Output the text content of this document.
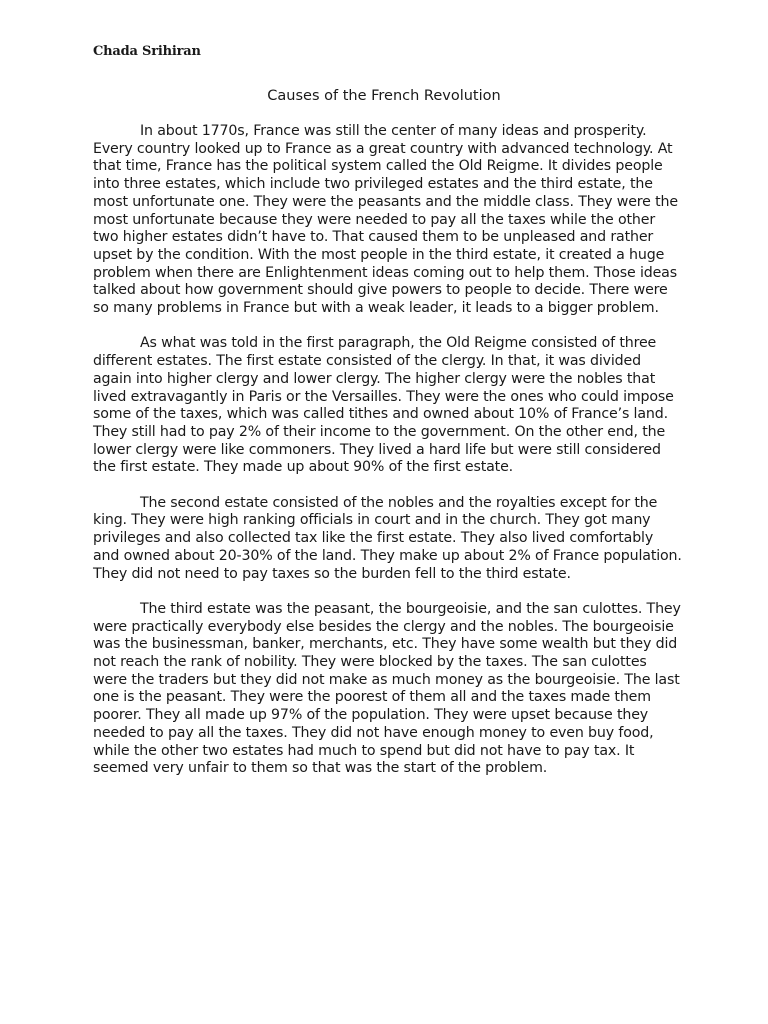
Chada Srihiran
Causes of the French Revolution

In about 1770s, France was still the center of many ideas and prosperity. Every country looked up to France as a great country with advanced technology. At that time, France has the political system called the Old Reigme. It divides people into three estates, which include two privileged estates and the third estate, the most unfortunate one. They were the peasants and the middle class. They were the most unfortunate because they were needed to pay all the taxes while the other two higher estates didn’t have to. That caused them to be unpleased and rather upset by the condition. With the most people in the third estate, it created a huge problem when there are Enlightenment ideas coming out to help them. Those ideas talked about how government should give powers to people to decide. There were so many problems in France but with a weak leader, it leads to a bigger problem.

As what was told in the first paragraph, the Old Reigme consisted of three different estates. The first estate consisted of the clergy. In that, it was divided again into higher clergy and lower clergy. The higher clergy were the nobles that lived extravagantly in Paris or the Versailles. They were the ones who could impose some of the taxes, which was called tithes and owned about 10% of France’s land. They still had to pay 2% of their income to the government. On the other end, the lower clergy were like commoners. They lived a hard life but were still considered the first estate. They made up about 90% of the first estate.

The second estate consisted of the nobles and the royalties except for the king. They were high ranking officials in court and in the church. They got many privileges and also collected tax like the first estate. They also lived comfortably and owned about 20-30% of the land. They make up about 2% of France population. They did not need to pay taxes so the burden fell to the third estate.

The third estate was the peasant, the bourgeoisie, and the san culottes. They were practically everybody else besides the clergy and the nobles. The bourgeoisie was the businessman, banker, merchants, etc. They have some wealth but they did not reach the rank of nobility. They were blocked by the taxes. The san culottes were the traders but they did not make as much money as the bourgeoisie. The last one is the peasant. They were the poorest of them all and the taxes made them poorer. They all made up 97% of the population. They were upset because they needed to pay all the taxes. They did not have enough money to even buy food, while the other two estates had much to spend but did not have to pay tax. It seemed very unfair to them so that was the start of the problem.
